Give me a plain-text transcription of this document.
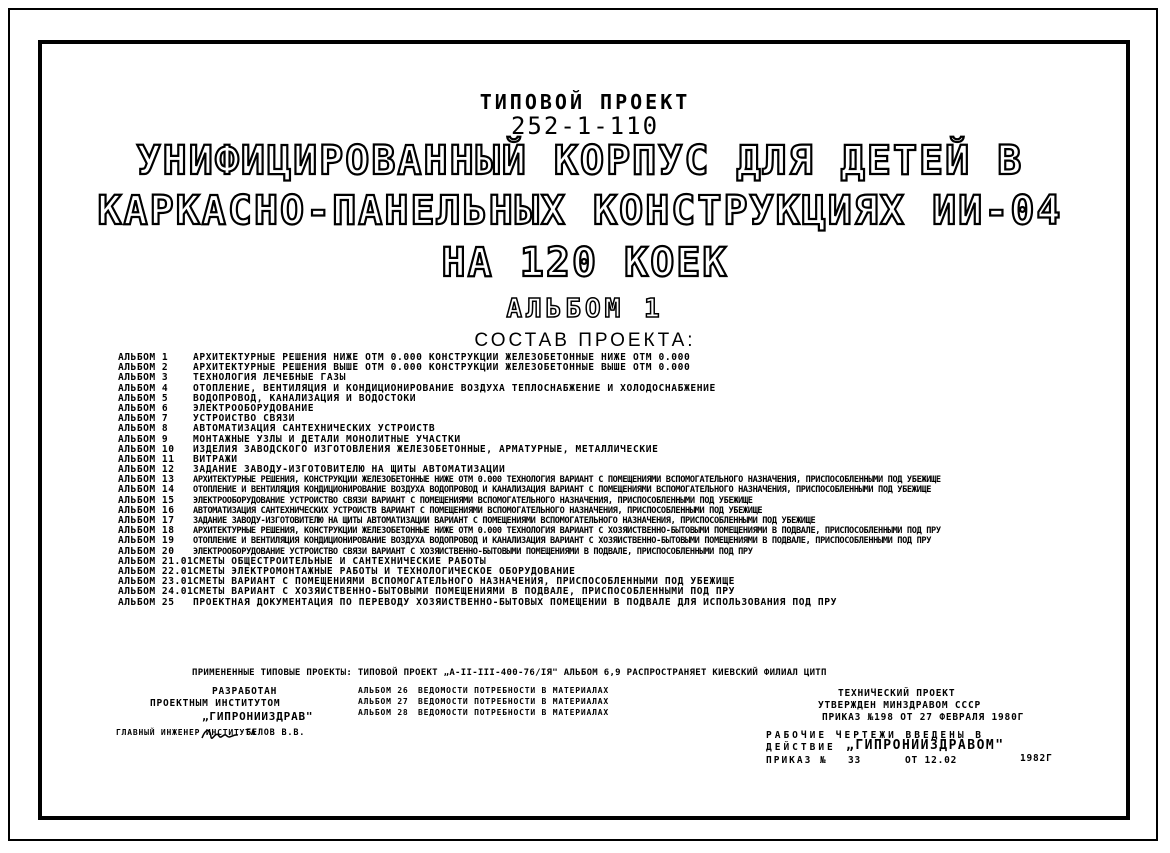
ТИПОВОЙ ПРОЕКТ
252-1-110
УНИФИЦИРОВАННЫЙ КОРПУС ДЛЯ ДЕТЕЙ В
КАРКАСНО-ПАНЕЛЬНЫХ КОНСТРУКЦИЯХ ИИ-04
НА 120 КОЕК
АЛЬБОМ 1
СОСТАВ ПРОЕКТА:
АЛЬБОМ 1	АРХИТЕКТУРНЫЕ РЕШЕНИЯ НИЖЕ ОТМ 0.000 КОНСТРУКЦИИ ЖЕЛЕЗОБЕТОННЫЕ НИЖЕ ОТМ 0.000
АЛЬБОМ 2	АРХИТЕКТУРНЫЕ РЕШЕНИЯ ВЫШЕ ОТМ 0.000 КОНСТРУКЦИИ ЖЕЛЕЗОБЕТОННЫЕ ВЫШЕ ОТМ 0.000
АЛЬБОМ 3	ТЕХНОЛОГИЯ ЛЕЧЕБНЫЕ ГАЗЫ
АЛЬБОМ 4	ОТОПЛЕНИЕ, ВЕНТИЛЯЦИЯ И КОНДИЦИОНИРОВАНИЕ ВОЗДУХА ТЕПЛОСНАБЖЕНИЕ И ХОЛОДОСНАБЖЕНИЕ
АЛЬБОМ 5	ВОДОПРОВОД, КАНАЛИЗАЦИЯ И ВОДОСТОКИ
АЛЬБОМ 6	ЭЛЕКТРООБОРУДОВАНИЕ
АЛЬБОМ 7	УСТРОЙСТВО СВЯЗИ
АЛЬБОМ 8	АВТОМАТИЗАЦИЯ САНТЕХНИЧЕСКИХ УСТРОЙСТВ
АЛЬБОМ 9	МОНТАЖНЫЕ УЗЛЫ И ДЕТАЛИ МОНОЛИТНЫЕ УЧАСТКИ
АЛЬБОМ 10	ИЗДЕЛИЯ ЗАВОДСКОГО ИЗГОТОВЛЕНИЯ ЖЕЛЕЗОБЕТОННЫЕ, АРМАТУРНЫЕ, МЕТАЛЛИЧЕСКИЕ
АЛЬБОМ 11	ВИТРАЖИ
АЛЬБОМ 12	ЗАДАНИЕ ЗАВОДУ-ИЗГОТОВИТЕЛЮ НА ЩИТЫ АВТОМАТИЗАЦИИ
АЛЬБОМ 13	АРХИТЕКТУРНЫЕ РЕШЕНИЯ, КОНСТРУКЦИИ ЖЕЛЕЗОБЕТОННЫЕ НИЖЕ ОТМ 0.000 ТЕХНОЛОГИЯ ВАРИАНТ С ПОМЕЩЕНИЯМИ ВСПОМОГАТЕЛЬНОГО НАЗНАЧЕНИЯ, ПРИСПОСОБЛЕННЫМИ ПОД УБЕЖИЩЕ
АЛЬБОМ 14	ОТОПЛЕНИЕ И ВЕНТИЛЯЦИЯ КОНДИЦИОНИРОВАНИЕ ВОЗДУХА ВОДОПРОВОД И КАНАЛИЗАЦИЯ ВАРИАНТ С ПОМЕЩЕНИЯМИ ВСПОМОГАТЕЛЬНОГО НАЗНАЧЕНИЯ, ПРИСПОСОБЛЕННЫМИ ПОД УБЕЖИЩЕ
АЛЬБОМ 15	ЭЛЕКТРООБОРУДОВАНИЕ УСТРОЙСТВО СВЯЗИ ВАРИАНТ С ПОМЕЩЕНИЯМИ ВСПОМОГАТЕЛЬНОГО НАЗНАЧЕНИЯ, ПРИСПОСОБЛЕННЫМИ ПОД УБЕЖИЩЕ
АЛЬБОМ 16	АВТОМАТИЗАЦИЯ САНТЕХНИЧЕСКИХ УСТРОЙСТВ ВАРИАНТ С ПОМЕЩЕНИЯМИ ВСПОМОГАТЕЛЬНОГО НАЗНАЧЕНИЯ, ПРИСПОСОБЛЕННЫМИ ПОД УБЕЖИЩЕ
АЛЬБОМ 17	ЗАДАНИЕ ЗАВОДУ-ИЗГОТОВИТЕЛЮ НА ЩИТЫ АВТОМАТИЗАЦИИ ВАРИАНТ С ПОМЕЩЕНИЯМИ ВСПОМОГАТЕЛЬНОГО НАЗНАЧЕНИЯ, ПРИСПОСОБЛЕННЫМИ ПОД УБЕЖИЩЕ
АЛЬБОМ 18	АРХИТЕКТУРНЫЕ РЕШЕНИЯ, КОНСТРУКЦИИ ЖЕЛЕЗОБЕТОННЫЕ НИЖЕ ОТМ 0.000 ТЕХНОЛОГИЯ ВАРИАНТ С ХОЗЯЙСТВЕННО-БЫТОВЫМИ ПОМЕЩЕНИЯМИ В ПОДВАЛЕ, ПРИСПОСОБЛЕННЫМИ ПОД ПРУ
АЛЬБОМ 19	ОТОПЛЕНИЕ И ВЕНТИЛЯЦИЯ КОНДИЦИОНИРОВАНИЕ ВОЗДУХА ВОДОПРОВОД И КАНАЛИЗАЦИЯ ВАРИАНТ С ХОЗЯЙСТВЕННО-БЫТОВЫМИ ПОМЕЩЕНИЯМИ В ПОДВАЛЕ, ПРИСПОСОБЛЕННЫМИ ПОД ПРУ
АЛЬБОМ 20	ЭЛЕКТРООБОРУДОВАНИЕ УСТРОЙСТВО СВЯЗИ ВАРИАНТ С ХОЗЯЙСТВЕННО-БЫТОВЫМИ ПОМЕЩЕНИЯМИ В ПОДВАЛЕ, ПРИСПОСОБЛЕННЫМИ ПОД ПРУ
АЛЬБОМ 21.01 СМЕТЫ ОБЩЕСТРОИТЕЛЬНЫЕ И САНТЕХНИЧЕСКИЕ РАБОТЫ
АЛЬБОМ 22.01 СМЕТЫ ЭЛЕКТРОМОНТАЖНЫЕ РАБОТЫ И ТЕХНОЛОГИЧЕСКОЕ ОБОРУДОВАНИЕ
АЛЬБОМ 23.01 СМЕТЫ ВАРИАНТ С ПОМЕЩЕНИЯМИ ВСПОМОГАТЕЛЬНОГО НАЗНАЧЕНИЯ, ПРИСПОСОБЛЕННЫМИ ПОД УБЕЖИЩЕ
АЛЬБОМ 24.01 СМЕТЫ ВАРИАНТ С ХОЗЯЙСТВЕННО-БЫТОВЫМИ ПОМЕЩЕНИЯМИ В ПОДВАЛЕ, ПРИСПОСОБЛЕННЫМИ ПОД ПРУ
АЛЬБОМ 25	ПРОЕКТНАЯ ДОКУМЕНТАЦИЯ ПО ПЕРЕВОДУ ХОЗЯЙСТВЕННО-БЫТОВЫХ ПОМЕЩЕНИЙ В ПОДВАЛЕ ДЛЯ ИСПОЛЬЗОВАНИЯ ПОД ПРУ
ПРИМЕНЕННЫЕ ТИПОВЫЕ ПРОЕКТЫ: ТИПОВОЙ ПРОЕКТ „А-II-III-400-76/IЯ" АЛЬБОМ 6,9 РАСПРОСТРАНЯЕТ КИЕВСКИЙ ФИЛИАЛ ЦИТП
РАЗРАБОТАН
ПРОЕКТНЫМ ИНСТИТУТОМ
„ГИПРОНИИЗДРАВ"
ГЛАВНЫЙ ИНЖЕНЕР ИНСТИТУТА
БЕЛОВ В.В.
АЛЬБОМ 26 ВЕДОМОСТИ ПОТРЕБНОСТИ В МАТЕРИАЛАХ
АЛЬБОМ 27 ВЕДОМОСТИ ПОТРЕБНОСТИ В МАТЕРИАЛАХ
АЛЬБОМ 28 ВЕДОМОСТИ ПОТРЕБНОСТИ В МАТЕРИАЛАХ
ТЕХНИЧЕСКИЙ ПРОЕКТ
УТВЕРЖДЕН МИНЗДРАВОМ СССР
ПРИКАЗ №198 ОТ 27 ФЕВРАЛЯ 1980Г
РАБОЧИЕ ЧЕРТЕЖИ ВВЕДЕНЫ В
ДЕЙСТВИЕ „ГИПРОНИИЗДРАВОМ"
ПРИКАЗ № 33	ОТ 12.02	1982Г
